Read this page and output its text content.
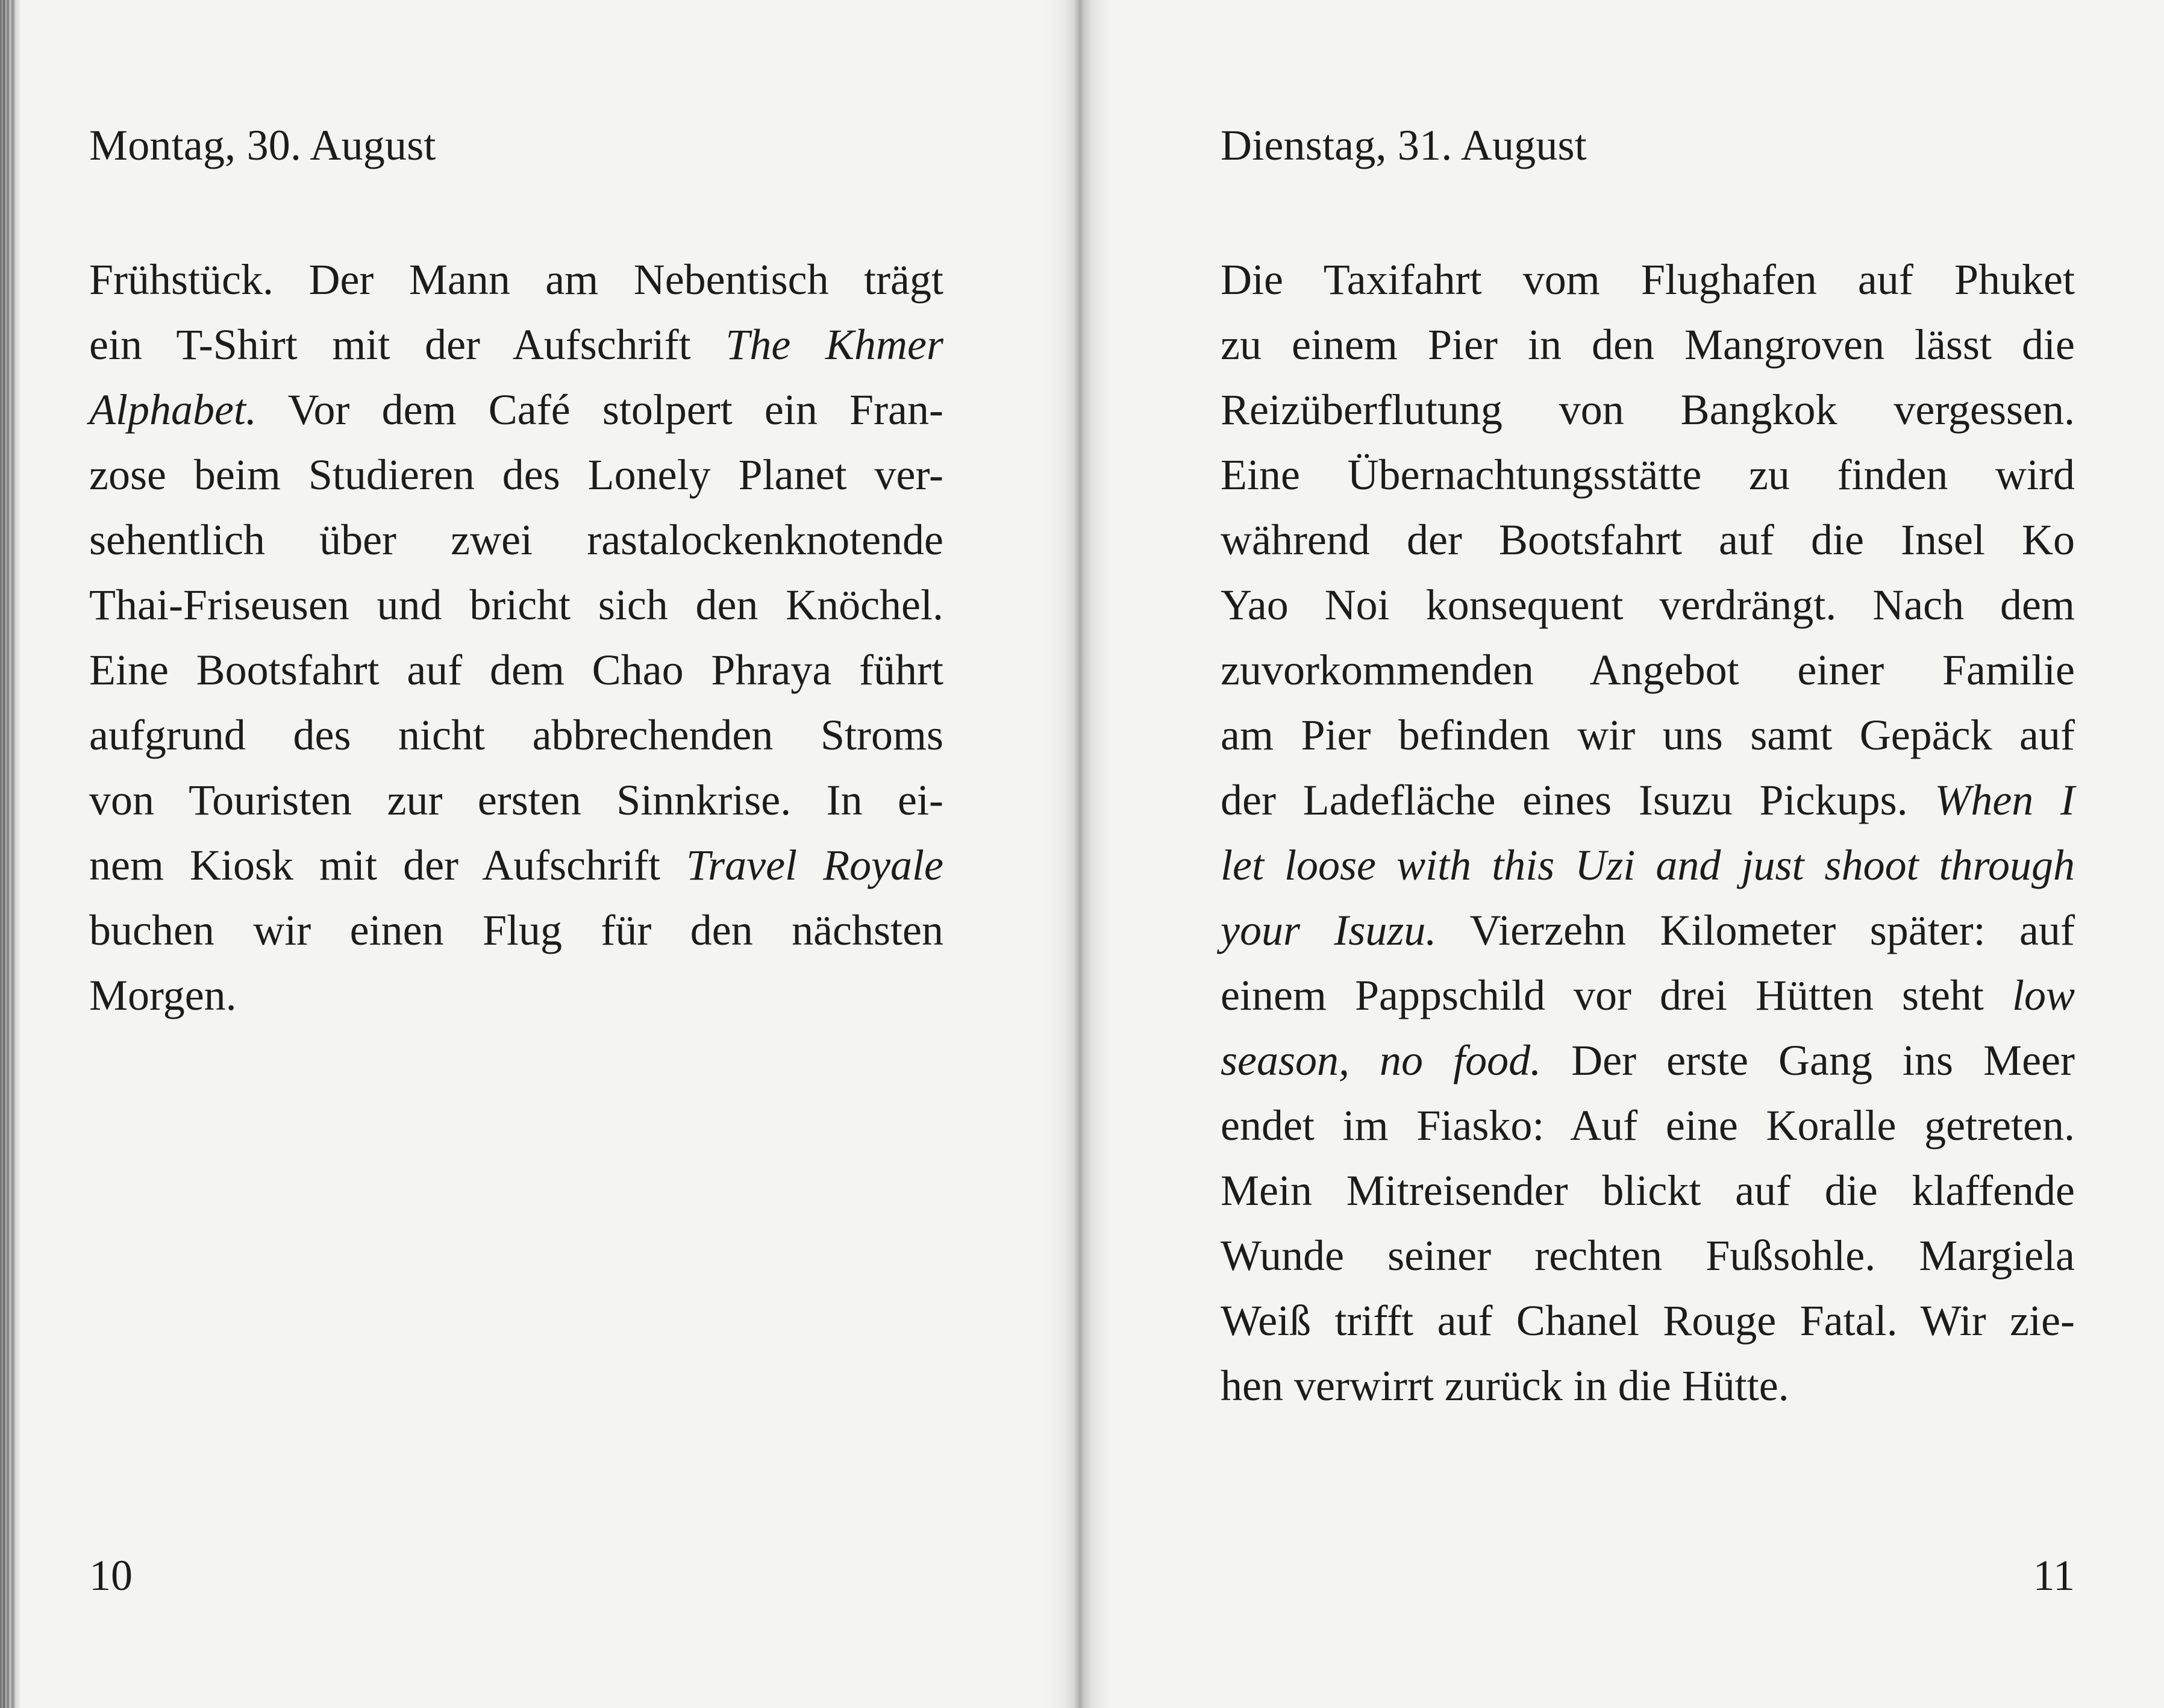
Montag, 30. August
Frühstück. Der Mann am Nebentisch trägt
ein T-Shirt mit der Aufschrift The Khmer
Alphabet. Vor dem Café stolpert ein Fran-
zose beim Studieren des Lonely Planet ver-
sehentlich über zwei rastalockenknotende
Thai-Friseusen und bricht sich den Knöchel.
Eine Bootsfahrt auf dem Chao Phraya führt
aufgrund des nicht abbrechenden Stroms
von Touristen zur ersten Sinnkrise. In ei-
nem Kiosk mit der Aufschrift Travel Royale
buchen wir einen Flug für den nächsten
Morgen.
10
Dienstag, 31. August
Die Taxifahrt vom Flughafen auf Phuket
zu einem Pier in den Mangroven lässt die
Reizüberflutung von Bangkok vergessen.
Eine Übernachtungsstätte zu finden wird
während der Bootsfahrt auf die Insel Ko
Yao Noi konsequent verdrängt. Nach dem
zuvorkommenden Angebot einer Familie
am Pier befinden wir uns samt Gepäck auf
der Ladefläche eines Isuzu Pickups. When I
let loose with this Uzi and just shoot through
your Isuzu. Vierzehn Kilometer später: auf
einem Pappschild vor drei Hütten steht low
season, no food. Der erste Gang ins Meer
endet im Fiasko: Auf eine Koralle getreten.
Mein Mitreisender blickt auf die klaffende
Wunde seiner rechten Fußsohle. Margiela
Weiß trifft auf Chanel Rouge Fatal. Wir zie-
hen verwirrt zurück in die Hütte.
11
